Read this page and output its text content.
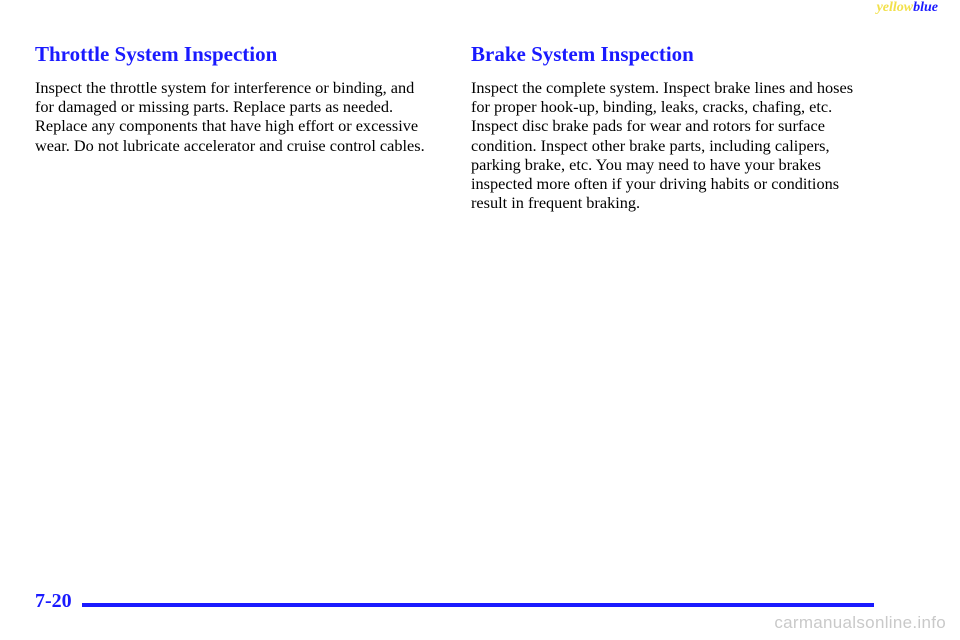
yellowblue
Throttle System Inspection

Inspect the throttle system for interference or binding, and for damaged or missing parts. Replace parts as needed. Replace any components that have high effort or excessive wear. Do not lubricate accelerator and cruise control cables.

Brake System Inspection

Inspect the complete system. Inspect brake lines and hoses for proper hook-up, binding, leaks, cracks, chafing, etc. Inspect disc brake pads for wear and rotors for surface condition. Inspect other brake parts, including calipers, parking brake, etc. You may need to have your brakes inspected more often if your driving habits or conditions result in frequent braking.

7-20
carmanualsonline.info
